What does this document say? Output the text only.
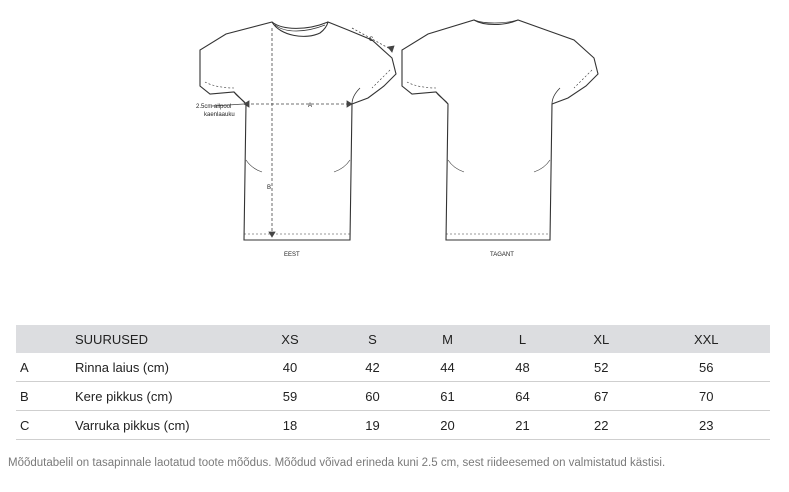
A
B
C
2.5cm allpool
kaenlaauku
EEST	TAGANT
	SUURUSED	XS	S	M	L	XL	XXL
A	Rinna laius (cm)	40	42	44	48	52	56
B	Kere pikkus (cm)	59	60	61	64	67	70
C	Varruka pikkus (cm)	18	19	20	21	22	23
Mõõdutabelil on tasapinnale laotatud toote mõõdus. Mõõdud võivad erineda kuni 2.5 cm, sest riideesemed on valmistatud kästisi.
